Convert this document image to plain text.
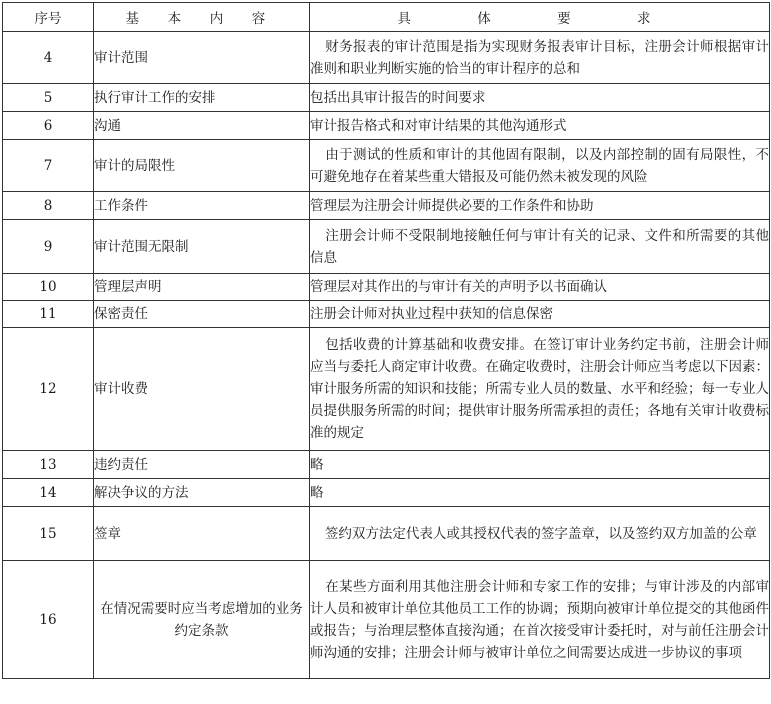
序号	基 本 内 容	具 体 要 求
4	审计范围	财务报表的审计范围是指为实现财务报表审计目标，注册会计师根据审计准则和职业判断实施的恰当的审计程序的总和
5	执行审计工作的安排	包括出具审计报告的时间要求
6	沟通	审计报告格式和对审计结果的其他沟通形式
7	审计的局限性	由于测试的性质和审计的其他固有限制，以及内部控制的固有局限性，不可避免地存在着某些重大错报及可能仍然未被发现的风险
8	工作条件	管理层为注册会计师提供必要的工作条件和协助
9	审计范围无限制	注册会计师不受限制地接触任何与审计有关的记录、文件和所需要的其他信息
10	管理层声明	管理层对其作出的与审计有关的声明予以书面确认
11	保密责任	注册会计师对执业过程中获知的信息保密
12	审计收费	包括收费的计算基础和收费安排。在签订审计业务约定书前，注册会计师应当与委托人商定审计收费。在确定收费时，注册会计师应当考虑以下因素：审计服务所需的知识和技能；所需专业人员的数量、水平和经验；每一专业人员提供服务所需的时间；提供审计服务所需承担的责任；各地有关审计收费标准的规定
13	违约责任	略
14	解决争议的方法	略
15	签章	签约双方法定代表人或其授权代表的签字盖章，以及签约双方加盖的公章
16	在情况需要时应当考虑增加的业务约定条款	在某些方面利用其他注册会计师和专家工作的安排；与审计涉及的内部审计人员和被审计单位其他员工工作的协调；预期向被审计单位提交的其他函件或报告；与治理层整体直接沟通；在首次接受审计委托时，对与前任注册会计师沟通的安排；注册会计师与被审计单位之间需要达成进一步协议的事项
